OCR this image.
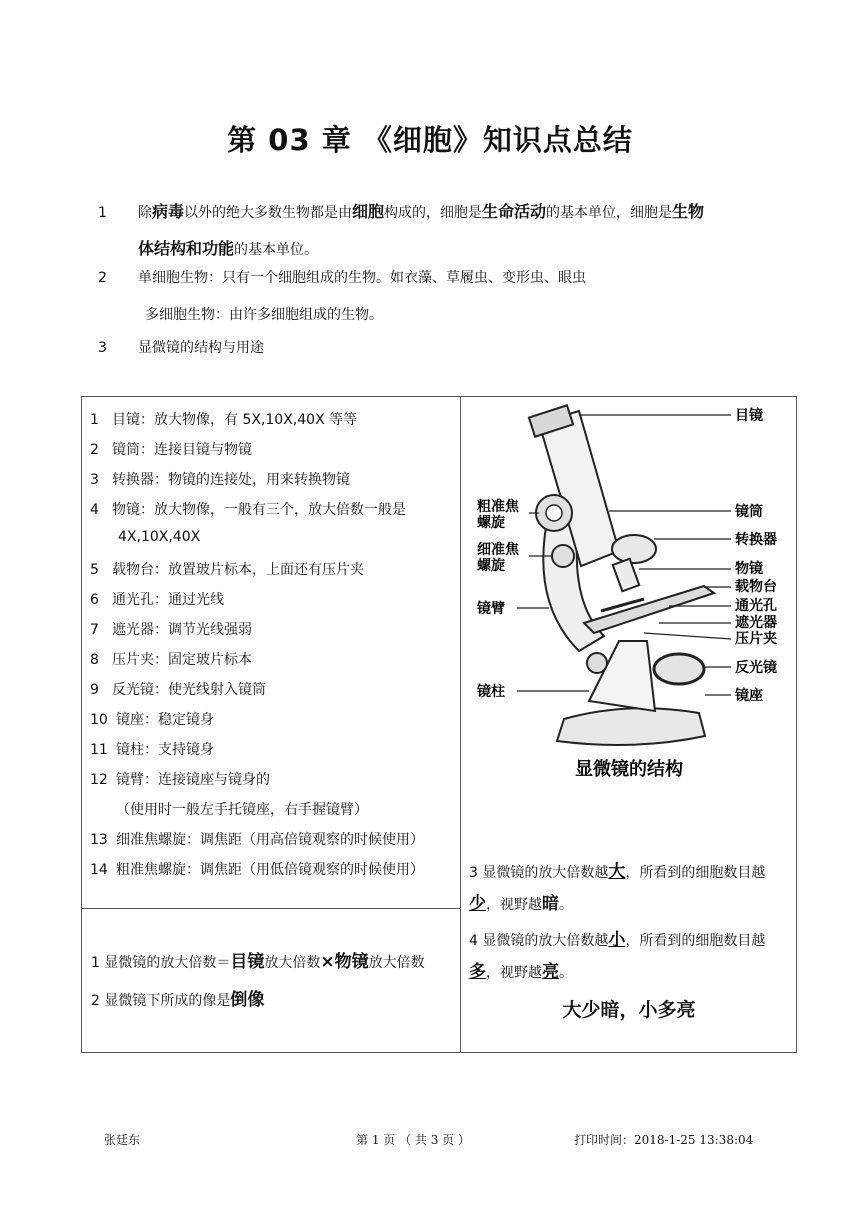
第 03 章 《细胞》知识点总结
1 除病毒以外的绝大多数生物都是由细胞构成的，细胞是生命活动的基本单位，细胞是生物
体结构和功能的基本单位。
2 单细胞生物：只有一个细胞组成的生物。如衣藻、草履虫、变形虫、眼虫
多细胞生物：由许多细胞组成的生物。
3 显微镜的结构与用途
1 目镜：放大物像，有 5X,10X,40X 等等
2 镜筒：连接目镜与物镜
3 转换器：物镜的连接处，用来转换物镜
4 物镜：放大物像，一般有三个，放大倍数一般是
4X,10X,40X
5 载物台：放置玻片标本，上面还有压片夹
6 通光孔：通过光线
7 遮光器：调节光线强弱
8 压片夹：固定玻片标本
9 反光镜：使光线射入镜筒
10 镜座：稳定镜身
11 镜柱：支持镜身
12 镜臂：连接镜座与镜身的
（使用时一般左手托镜座，右手握镜臂）
13 细准焦螺旋：调焦距（用高倍镜观察的时候使用）
14 粗准焦螺旋：调焦距（用低倍镜观察的时候使用）

目镜
镜筒
转换器
物镜
载物台
通光孔
遮光器
压片夹
反光镜
镜座
粗准焦
螺旋
细准焦
螺旋
镜臂
镜柱
显微镜的结构
3 显微镜的放大倍数越大，所看到的细胞数目越
少，视野越暗。
4 显微镜的放大倍数越小，所看到的细胞数目越
多，视野越亮。
大少暗，小多亮

1 显微镜的放大倍数＝目镜放大倍数×物镜放大倍数
2 显微镜下所成的像是倒像
张廷东	第 1 页 （ 共 3 页 ）	打印时间：2018-1-25 13:38:04
